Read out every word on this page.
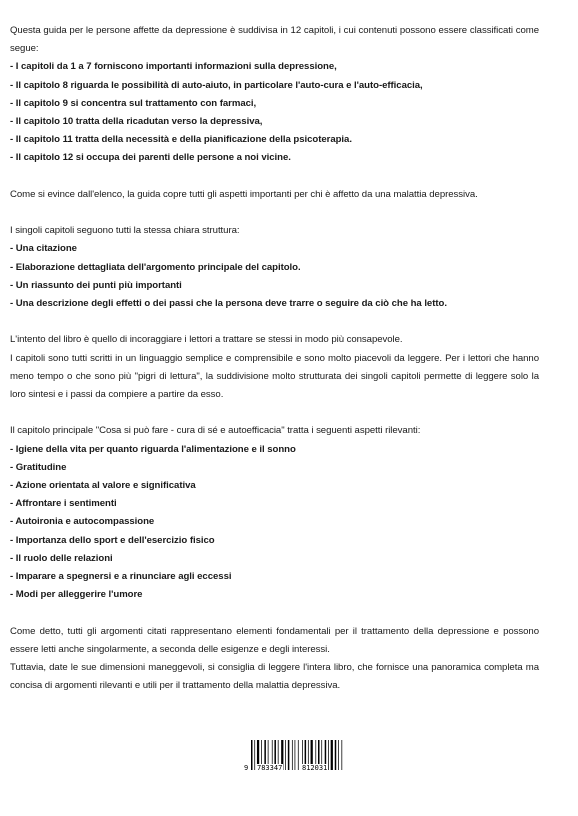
Questa guida per le persone affette da depressione è suddivisa in 12 capitoli, i cui contenuti possono essere classificati come segue:

- I capitoli da 1 a 7 forniscono importanti informazioni sulla depressione,
- Il capitolo 8 riguarda le possibilità di auto-aiuto, in particolare l'auto-cura e l'auto-efficacia,
- Il capitolo 9 si concentra sul trattamento con farmaci,
- Il capitolo 10 tratta della ricadutan verso la depressiva,
- Il capitolo 11 tratta della necessità e della pianificazione della psicoterapia.
- Il capitolo 12 si occupa dei parenti delle persone a noi vicine.

Come si evince dall'elenco, la guida copre tutti gli aspetti importanti per chi è affetto da una malattia depressiva.

I singoli capitoli seguono tutti la stessa chiara struttura:

- Una citazione
- Elaborazione dettagliata dell'argomento principale del capitolo.
- Un riassunto dei punti più importanti
- Una descrizione degli effetti o dei passi che la persona deve trarre o seguire da ciò che ha letto.

L'intento del libro è quello di incoraggiare i lettori a trattare se stessi in modo più consapevole.

I capitoli sono tutti scritti in un linguaggio semplice e comprensibile e sono molto piacevoli da leggere. Per i lettori che hanno meno tempo o che sono più "pigri di lettura", la suddivisione molto strutturata dei singoli capitoli permette di leggere solo la loro sintesi e i passi da compiere a partire da esso.

Il capitolo principale "Cosa si può fare - cura di sé e autoefficacia" tratta i seguenti aspetti rilevanti:

- Igiene della vita per quanto riguarda l'alimentazione e il sonno
- Gratitudine
- Azione orientata al valore e significativa
- Affrontare i sentimenti
- Autoironia e autocompassione
- Importanza dello sport e dell'esercizio fisico
- Il ruolo delle relazioni
- Imparare a spegnersi e a rinunciare agli eccessi
- Modi per alleggerire l'umore

Come detto, tutti gli argomenti citati rappresentano elementi fondamentali per il trattamento della depressione e possono essere letti anche singolarmente, a seconda delle esigenze e degli interessi.

Tuttavia, date le sue dimensioni maneggevoli, si consiglia di leggere l'intera libro, che fornisce una panoramica completa ma concisa di argomenti rilevanti e utili per il trattamento della malattia depressiva.

9 783347	812031
